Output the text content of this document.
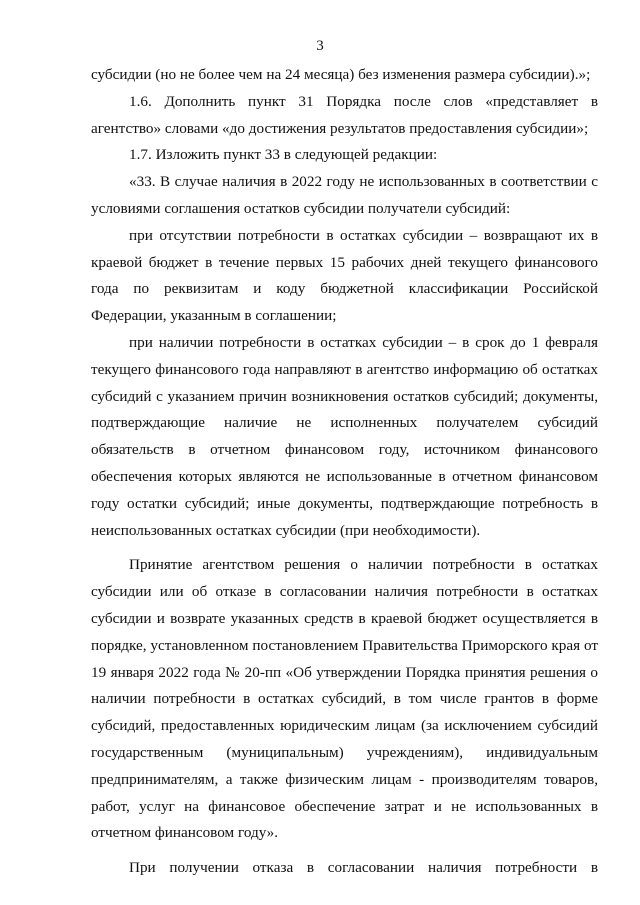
3

субсидии (но не более чем на 24 месяца) без изменения размера субсидии).»;

1.6. Дополнить пункт 31 Порядка после слов «представляет в агентство» словами «до достижения результатов предоставления субсидии»;

1.7. Изложить пункт 33 в следующей редакции:

«33. В случае наличия в 2022 году не использованных в соответствии с условиями соглашения остатков субсидии получатели субсидий:

при отсутствии потребности в остатках субсидии – возвращают их в краевой бюджет в течение первых 15 рабочих дней текущего финансового года по реквизитам и коду бюджетной классификации Российской Федерации, указанным в соглашении;

при наличии потребности в остатках субсидии – в срок до 1 февраля текущего финансового года направляют в агентство информацию об остатках субсидий с указанием причин возникновения остатков субсидий; документы, подтверждающие наличие не исполненных получателем субсидий обязательств в отчетном финансовом году, источником финансового обеспечения которых являются не использованные в отчетном финансовом году остатки субсидий; иные документы, подтверждающие потребность в неиспользованных остатках субсидии (при необходимости).

Принятие агентством решения о наличии потребности в остатках субсидии или об отказе в согласовании наличия потребности в остатках субсидии и возврате указанных средств в краевой бюджет осуществляется в порядке, установленном постановлением Правительства Приморского края от 19 января 2022 года № 20-пп «Об утверждении Порядка принятия решения о наличии потребности в остатках субсидий, в том числе грантов в форме субсидий, предоставленных юридическим лицам (за исключением субсидий государственным (муниципальным) учреждениям), индивидуальным предпринимателям, а также физическим лицам - производителям товаров, работ, услуг на финансовое обеспечение затрат и не использованных в отчетном финансовом году».

При получении отказа в согласовании наличия потребности в
